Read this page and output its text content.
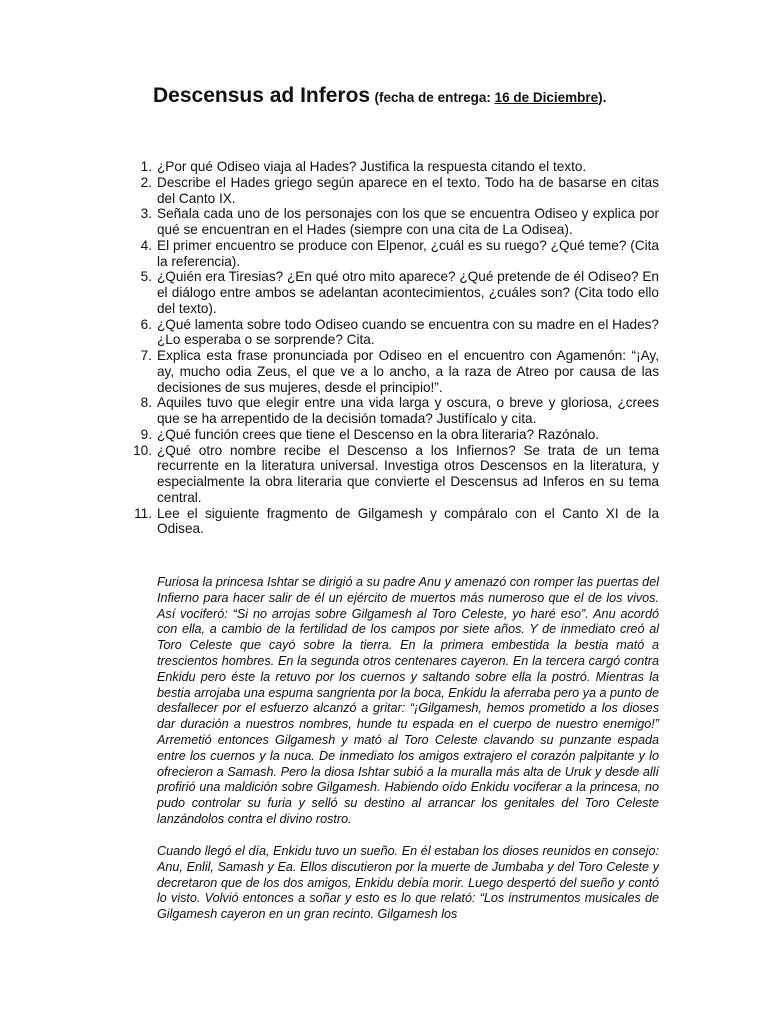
Descensus ad Inferos (fecha de entrega: 16 de Diciembre).
1. ¿Por qué Odiseo viaja al Hades? Justifica la respuesta citando el texto.
2. Describe el Hades griego según aparece en el texto. Todo ha de basarse en citas del Canto IX.
3. Señala cada uno de los personajes con los que se encuentra Odiseo y explica por qué se encuentran en el Hades (siempre con una cita de La Odisea).
4. El primer encuentro se produce con Elpenor, ¿cuál es su ruego? ¿Qué teme? (Cita la referencia).
5. ¿Quién era Tiresias? ¿En qué otro mito aparece? ¿Qué pretende de él Odiseo? En el diálogo entre ambos se adelantan acontecimientos, ¿cuáles son? (Cita todo ello del texto).
6. ¿Qué lamenta sobre todo Odiseo cuando se encuentra con su madre en el Hades? ¿Lo esperaba o se sorprende? Cita.
7. Explica esta frase pronunciada por Odiseo en el encuentro con Agamenón: “¡Ay, ay, mucho odia Zeus, el que ve a lo ancho, a la raza de Atreo por causa de las decisiones de sus mujeres, desde el principio!”.
8. Aquiles tuvo que elegir entre una vida larga y oscura, o breve y gloriosa, ¿crees que se ha arrepentido de la decisión tomada? Justifícalo y cita.
9. ¿Qué función crees que tiene el Descenso en la obra literaria? Razónalo.
10. ¿Qué otro nombre recibe el Descenso a los Infiernos? Se trata de un tema recurrente en la literatura universal. Investiga otros Descensos en la literatura, y especialmente la obra literaria que convierte el Descensus ad Inferos en su tema central.
11. Lee el siguiente fragmento de Gilgamesh y compáralo con el Canto XI de la Odisea.

Furiosa la princesa Ishtar se dirigió a su padre Anu y amenazó con romper las puertas del Infierno para hacer salir de él un ejército de muertos más numeroso que el de los vivos. Así vociferó: “Si no arrojas sobre Gilgamesh al Toro Celeste, yo haré eso”. Anu acordó con ella, a cambio de la fertilidad de los campos por siete años. Y de inmediato creó al Toro Celeste que cayó sobre la tierra. En la primera embestida la bestia mató a trescientos hombres. En la segunda otros centenares cayeron. En la tercera cargó contra Enkidu pero éste la retuvo por los cuernos y saltando sobre ella la postró. Mientras la bestia arrojaba una espuma sangrienta por la boca, Enkidu la aferraba pero ya a punto de desfallecer por el esfuerzo alcanzó a gritar: “¡Gilgamesh, hemos prometido a los dioses dar duración a nuestros nombres, hunde tu espada en el cuerpo de nuestro enemigo!” Arremetió entonces Gilgamesh y mató al Toro Celeste clavando su punzante espada entre los cuernos y la nuca. De inmediato los amigos extrajero el corazón palpitante y lo ofrecieron a Samash. Pero la diosa Ishtar subió a la muralla más alta de Uruk y desde allí profirió una maldición sobre Gilgamesh. Habiendo oído Enkidu vociferar a la princesa, no pudo controlar su furia y selló su destino al arrancar los genitales del Toro Celeste lanzándolos contra el divino rostro.

Cuando llegó el día, Enkidu tuvo un sueño. En él estaban los dioses reunidos en consejo: Anu, Enlil, Samash y Ea. Ellos discutieron por la muerte de Jumbaba y del Toro Celeste y decretaron que de los dos amigos, Enkidu debía morir. Luego despertó del sueño y contó lo visto. Volvió entonces a soñar y esto es lo que relató: “Los instrumentos musicales de Gilgamesh cayeron en un gran recinto. Gilgamesh los
